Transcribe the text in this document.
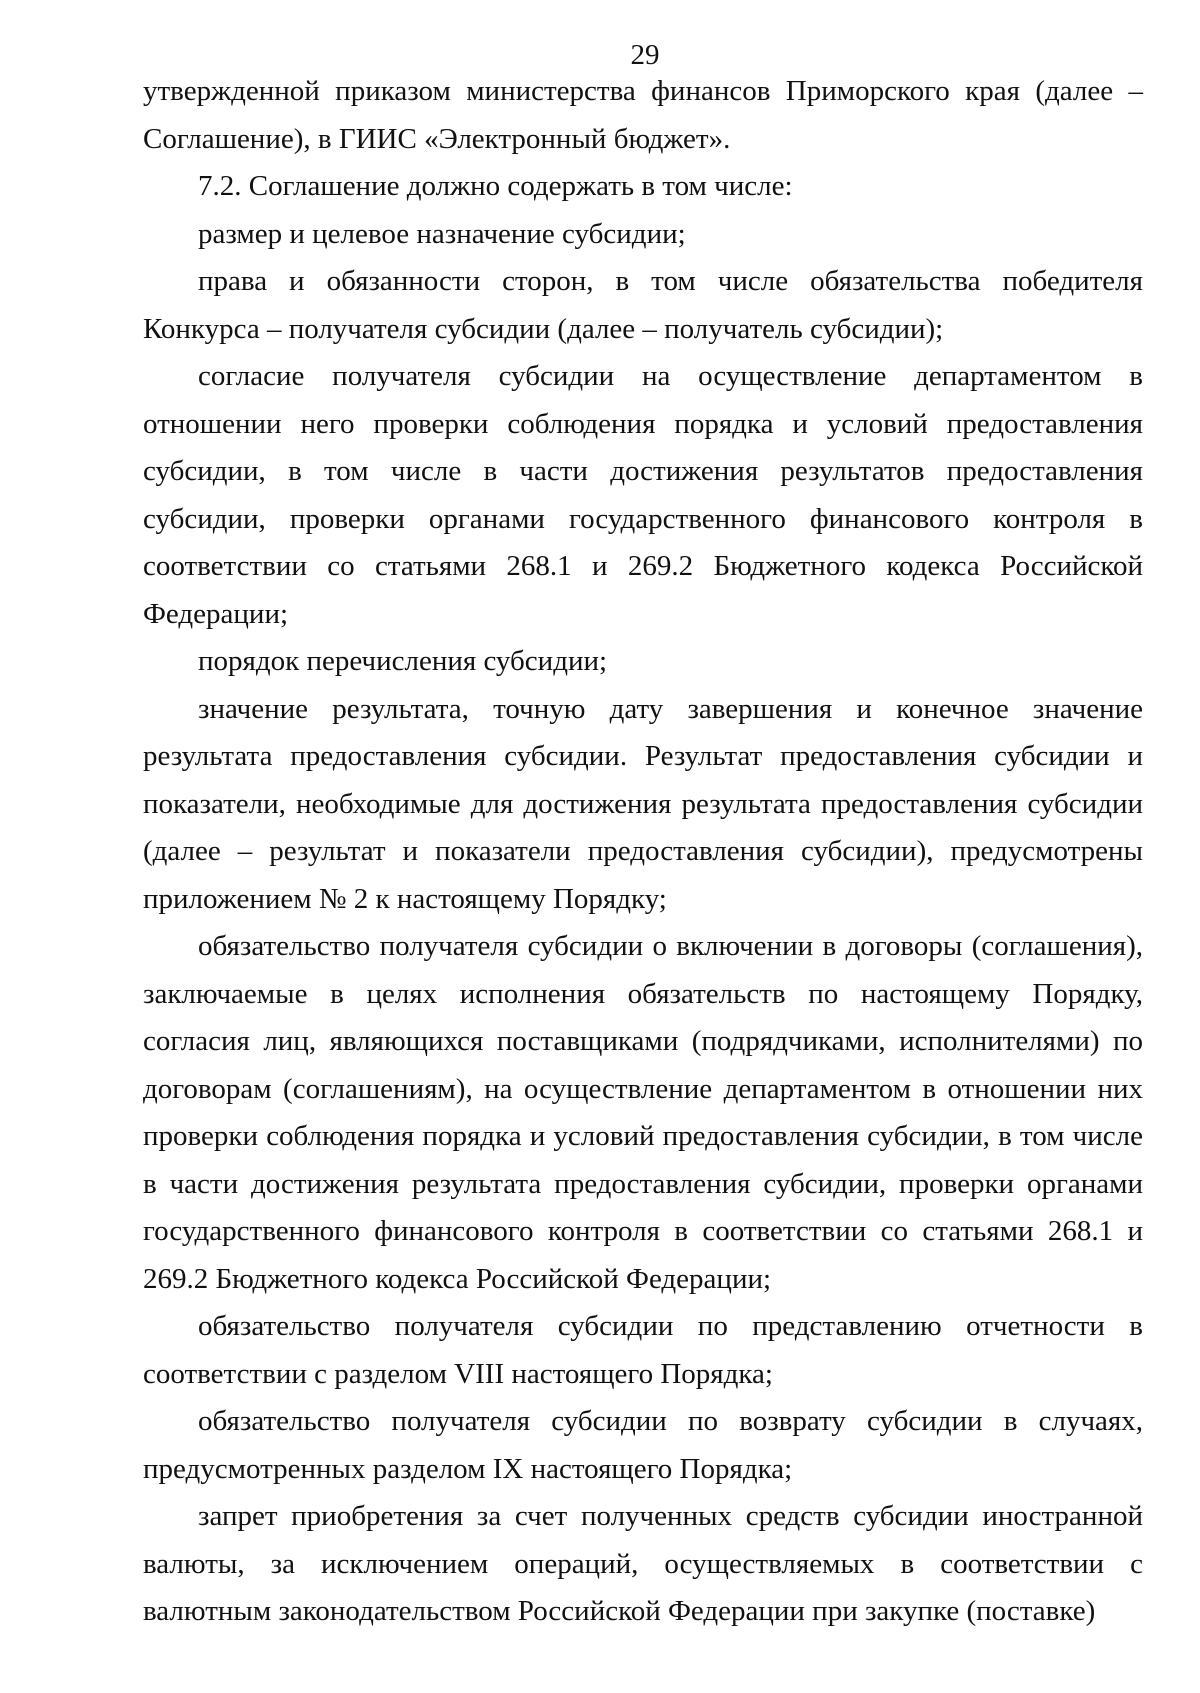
29

утвержденной приказом министерства финансов Приморского края (далее – Соглашение), в ГИИС «Электронный бюджет».

7.2. Соглашение должно содержать в том числе:

размер и целевое назначение субсидии;

права и обязанности сторон, в том числе обязательства победителя Конкурса – получателя субсидии (далее – получатель субсидии);

согласие получателя субсидии на осуществление департаментом в отношении него проверки соблюдения порядка и условий предоставления субсидии, в том числе в части достижения результатов предоставления субсидии, проверки органами государственного финансового контроля в соответствии со статьями 268.1 и 269.2 Бюджетного кодекса Российской Федерации;

порядок перечисления субсидии;

значение результата, точную дату завершения и конечное значение результата предоставления субсидии. Результат предоставления субсидии и показатели, необходимые для достижения результата предоставления субсидии (далее – результат и показатели предоставления субсидии), предусмотрены приложением № 2 к настоящему Порядку;

обязательство получателя субсидии о включении в договоры (соглашения), заключаемые в целях исполнения обязательств по настоящему Порядку, согласия лиц, являющихся поставщиками (подрядчиками, исполнителями) по договорам (соглашениям), на осуществление департаментом в отношении них проверки соблюдения порядка и условий предоставления субсидии, в том числе в части достижения результата предоставления субсидии, проверки органами государственного финансового контроля в соответствии со статьями 268.1 и 269.2 Бюджетного кодекса Российской Федерации;

обязательство получателя субсидии по представлению отчетности в соответствии с разделом VIII настоящего Порядка;

обязательство получателя субсидии по возврату субсидии в случаях, предусмотренных разделом IX настоящего Порядка;

запрет приобретения за счет полученных средств субсидии иностранной валюты, за исключением операций, осуществляемых в соответствии с валютным законодательством Российской Федерации при закупке (поставке)
